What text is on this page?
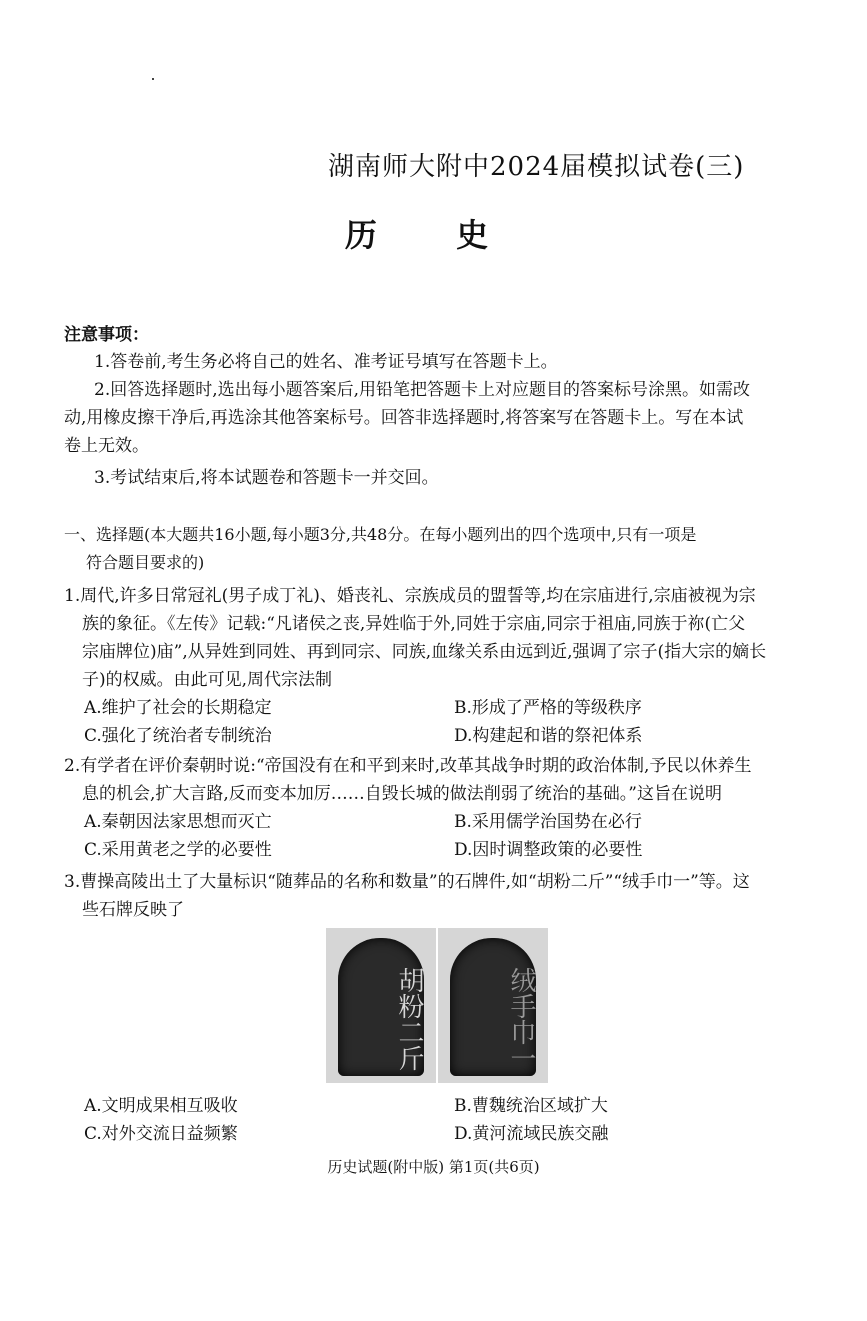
湖南师大附中2024届模拟试卷(三)
历 史
注意事项：
1.答卷前,考生务必将自己的姓名、准考证号填写在答题卡上。
2.回答选择题时,选出每小题答案后,用铅笔把答题卡上对应题目的答案标号涂黑。如需改
动,用橡皮擦干净后,再选涂其他答案标号。回答非选择题时,将答案写在答题卡上。写在本试
卷上无效。
3.考试结束后,将本试题卷和答题卡一并交回。
一、选择题(本大题共16小题,每小题3分,共48分。在每小题列出的四个选项中,只有一项是
符合题目要求的)
1.周代,许多日常冠礼(男子成丁礼)、婚丧礼、宗族成员的盟誓等,均在宗庙进行,宗庙被视为宗
族的象征。《左传》记载:“凡诸侯之丧,异姓临于外,同姓于宗庙,同宗于祖庙,同族于祢(亡父
宗庙牌位)庙”,从异姓到同姓、再到同宗、同族,血缘关系由远到近,强调了宗子(指大宗的嫡长
子)的权威。由此可见,周代宗法制
A.维护了社会的长期稳定	B.形成了严格的等级秩序
C.强化了统治者专制统治	D.构建起和谐的祭祀体系
2.有学者在评价秦朝时说:“帝国没有在和平到来时,改革其战争时期的政治体制,予民以休养生
息的机会,扩大言路,反而变本加厉……自毁长城的做法削弱了统治的基础。”这旨在说明
A.秦朝因法家思想而灭亡	B.采用儒学治国势在必行
C.采用黄老之学的必要性	D.因时调整政策的必要性
3.曹操高陵出土了大量标识“随葬品的名称和数量”的石牌件,如“胡粉二斤”“绒手巾一”等。这
些石牌反映了
胡粉二斤	绒手巾一
A.文明成果相互吸收	B.曹魏统治区域扩大
C.对外交流日益频繁	D.黄河流域民族交融
历史试题(附中版) 第1页(共6页)
